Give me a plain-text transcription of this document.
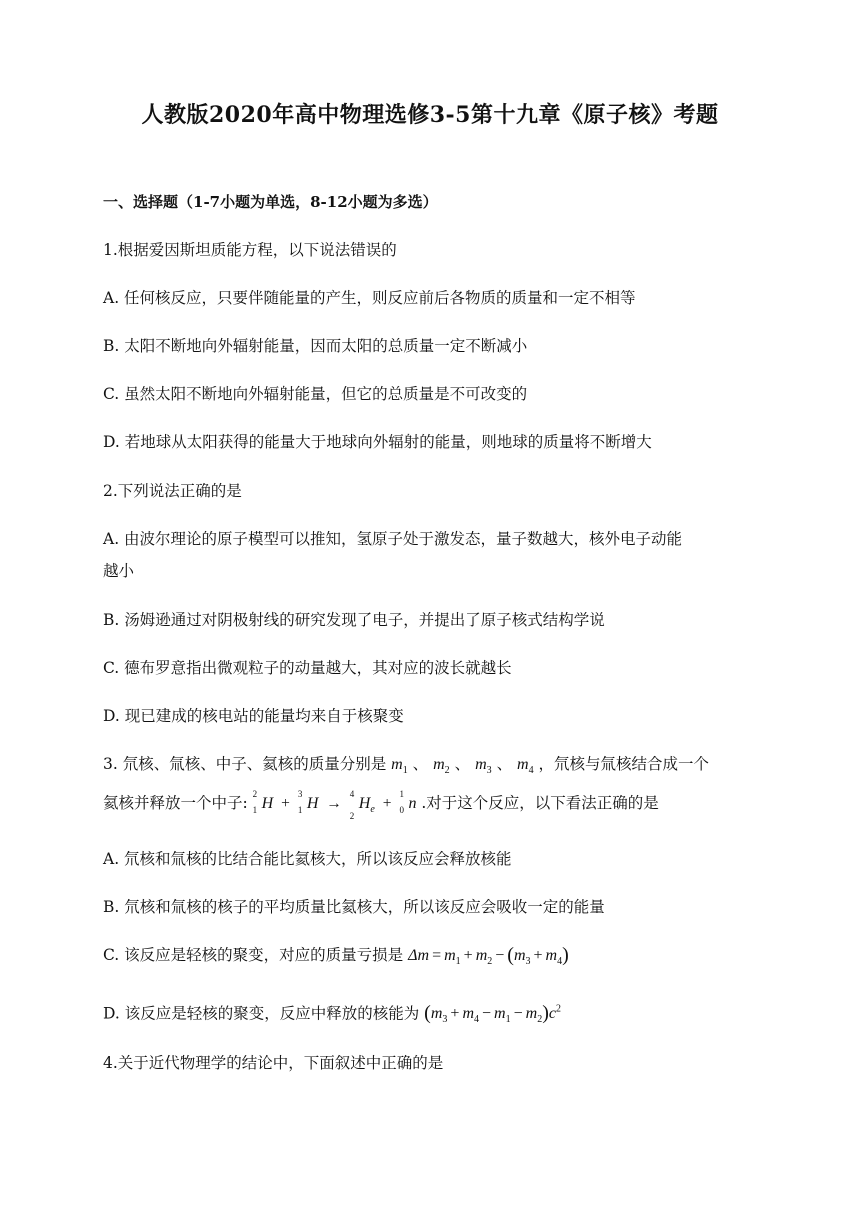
人教版2020年高中物理选修3-5第十九章《原子核》考题
一、选择题（1-7小题为单选，8-12小题为多选）
1.根据爱因斯坦质能方程，以下说法错误的
A. 任何核反应，只要伴随能量的产生，则反应前后各物质的质量和一定不相等
B. 太阳不断地向外辐射能量，因而太阳的总质量一定不断减小
C. 虽然太阳不断地向外辐射能量，但它的总质量是不可改变的
D. 若地球从太阳获得的能量大于地球向外辐射的能量，则地球的质量将不断增大
2.下列说法正确的是
A. 由波尔理论的原子模型可以推知，氢原子处于激发态，量子数越大，核外电子动能
越小
B. 汤姆逊通过对阴极射线的研究发现了电子，并提出了原子核式结构学说
C. 德布罗意指出微观粒子的动量越大，其对应的波长就越长
D. 现已建成的核电站的能量均来自于核聚变
3. 氘核、氚核、中子、氦核的质量分别是 $m_1$ 、 $m_2$ 、 $m_3$ 、 $m_4$ ，氘核与氚核结合成一个
氦核并释放一个中子: 2
1 H +
3
1 H →
4
2
$H_e$ +
1
0 n .对于这个反应，以下看法正确的是
A. 氘核和氚核的比结合能比氦核大，所以该反应会释放核能
B. 氘核和氚核的核子的平均质量比氦核大，所以该反应会吸收一定的能量
C. 该反应是轻核的聚变，对应的质量亏损是 $\Delta m = m_1 + m_2 - (m_3 + m_4)$
D. 该反应是轻核的聚变，反应中释放的核能为 $(m_3 + m_4 - m_1 - m_2)c^2$
4.关于近代物理学的结论中，下面叙述中正确的是
